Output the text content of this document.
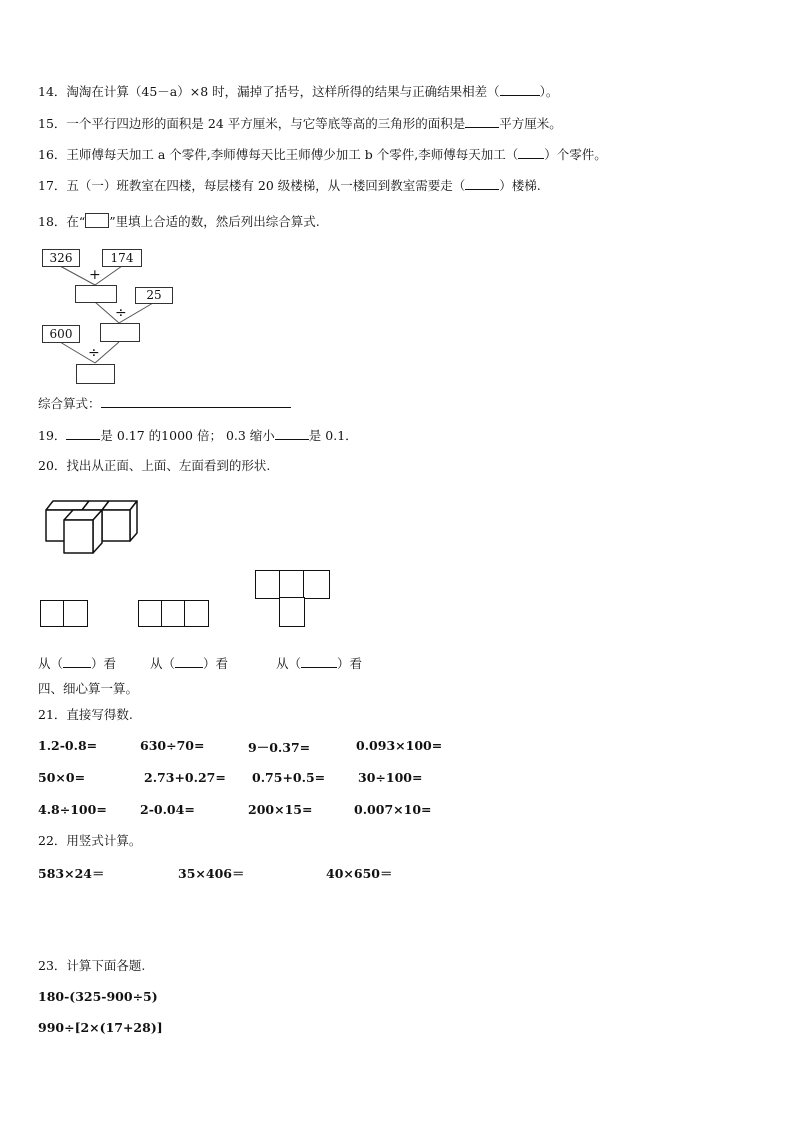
14．淘淘在计算（45－a）×8 时，漏掉了括号，这样所得的结果与正确结果相差（	）。
15．一个平行四边形的面积是 24 平方厘米，与它等底等高的三角形的面积是	平方厘米。
16．王师傅每天加工 a 个零件,李师傅每天比王师傅少加工 b 个零件,李师傅每天加工（ ）个零件。
17．五（一）班教室在四楼，每层楼有 20 级楼梯，从一楼回到教室需要走（	）楼梯.
18．在“ ”里填上合适的数，然后列出综合算式.
326	174
+
25
÷
600
÷
综合算式：
19．	是 0.17 的1000 倍； 0.3 缩小	是 0.1．
20．找出从正面、上面、左面看到的形状.
从（ ）看	从（ ）看	从（	）看
四、细心算一算。
21．直接写得数.
1.2-0.8=	630÷70=	9－0.37=	0.093×100=
50×0=	2.73+0.27= 0.75+0.5=	30÷100=
4.8÷100=	2-0.04=	200×15=	0.007×10=
22．用竖式计算。
583×24＝	35×406＝	40×650＝
23．计算下面各题.
180-(325-900÷5)
990÷[2×(17+28)]
